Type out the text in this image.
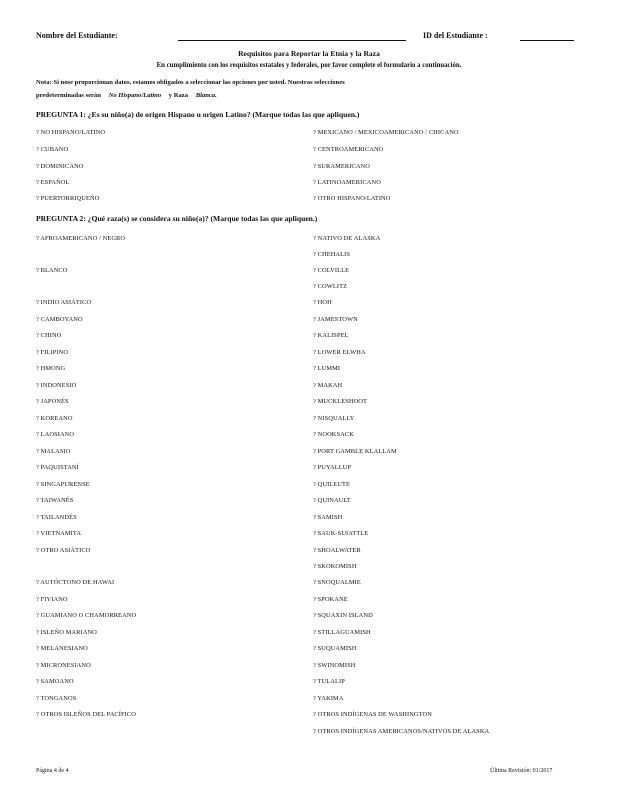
Nombre del Estudiante:	ID del Estudiante :
Requisitos para Reportar la Etnia y la Raza
En cumplimiento con los requisitos estatales y federales, por favor complete el formulario a continuación.
Nota: Si nose proporcionan datos, estamos obligados a seleccionar las opciones por usted. Nuestras selecciones
predeterminadas serán No Hispano/Latino y Raza Blanca.
PREGUNTA 1: ¿Es su niño(a) de origen Hispano u origen Latino? (Marque todas las que apliquen.)
? NO HISPANO/LATINO
? CUBANO
? DOMINICANO
? ESPAÑOL
? PUERTORRIQUEÑO
? MEXICANO / MEXICOAMERICANO / CHICANO
? CENTROAMERICANO
? SURAMERICANO
? LATINOAMERICANO
? OTRO HISPANO/LATINO
PREGUNTA 2: ¿Qué raza(s) se considera su niño(a)? (Marque todas las que apliquen.)
? AFROAMERICANO / NEGRO
? BLANCO
? INDIO ASIÁTICO
? CAMBOYANO
? CHINO
? FILIPINO
? HMONG
? INDONESIO
? JAPONÉS
? KOREANO
? LAOSIANO
? MALASIO
? PAQUISTANÍ
? SINGAPURENSE
? TAIWANÉS
? TAILANDÉS
? VIETNAMITA
? OTRO ASIÁTICO
? AUTÓCTONO DE HAWAI
? FIYIANO
? GUAMIANO O CHAMORREANO
? ISLEÑO MARIANO
? MELANESIANO
? MICRONESIANO
? SAMOANO
? TONGANOS
? OTROS ISLEÑOS DEL PACÍFICO
? NATIVO DE ALASKA
? CHEHALIS
? COLVILLE
? COWLITZ
? HOH
? JAMESTOWN
? KALISPEL
? LOWER ELWHA
? LUMMI
? MAKAH
? MUCKLESHOOT
? NISQUALLY
? NOOKSACK
? PORT GAMBLE KLALLAM
? PUYALLUP
? QUILEUTE
? QUINAULT
? SAMISH
? SAUK-SUIATTLE
? SHOALWATER
? SKOKOMISH
? SNOQUALMIE
? SPOKANE
? SQUAXIN ISLAND
? STILLAGUAMISH
? SUQUAMISH
? SWINOMISH
? TULALIP
? YAKIMA
? OTROS INDÍGENAS DE WASHINGTON
? OTROS INDÍGENAS AMERICANOS/NATIVOS DE ALASKA
Página 4 de 4	Última Revisión: 01/2017
